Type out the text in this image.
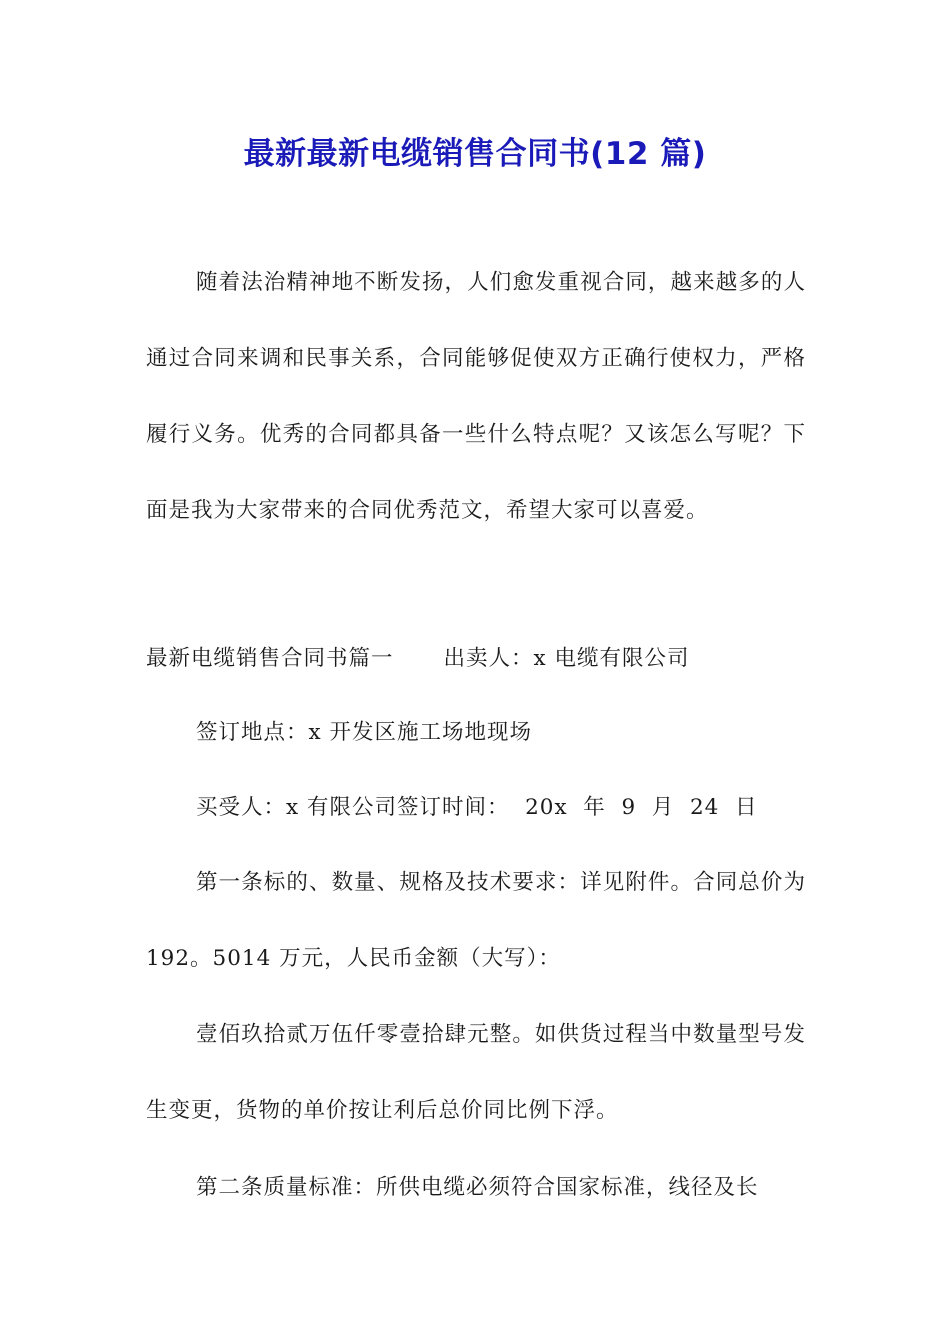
最新最新电缆销售合同书(12 篇)

随着法治精神地不断发扬，人们愈发重视合同，越来越多的人通过合同来调和民事关系，合同能够促使双方正确行使权力，严格履行义务。优秀的合同都具备一些什么特点呢？又该怎么写呢？下面是我为大家带来的合同优秀范文，希望大家可以喜爱。

最新电缆销售合同书篇一 出卖人：x 电缆有限公司

签订地点：x 开发区施工场地现场

买受人：x 有限公司签订时间：  20x  年  9  月  24  日

第一条标的、数量、规格及技术要求：详见附件。合同总价为 192。5014 万元，人民币金额（大写）：

壹佰玖拾贰万伍仟零壹拾肆元整。如供货过程当中数量型号发生变更，货物的单价按让利后总价同比例下浮。

第二条质量标准：所供电缆必须符合国家标准，线径及长
